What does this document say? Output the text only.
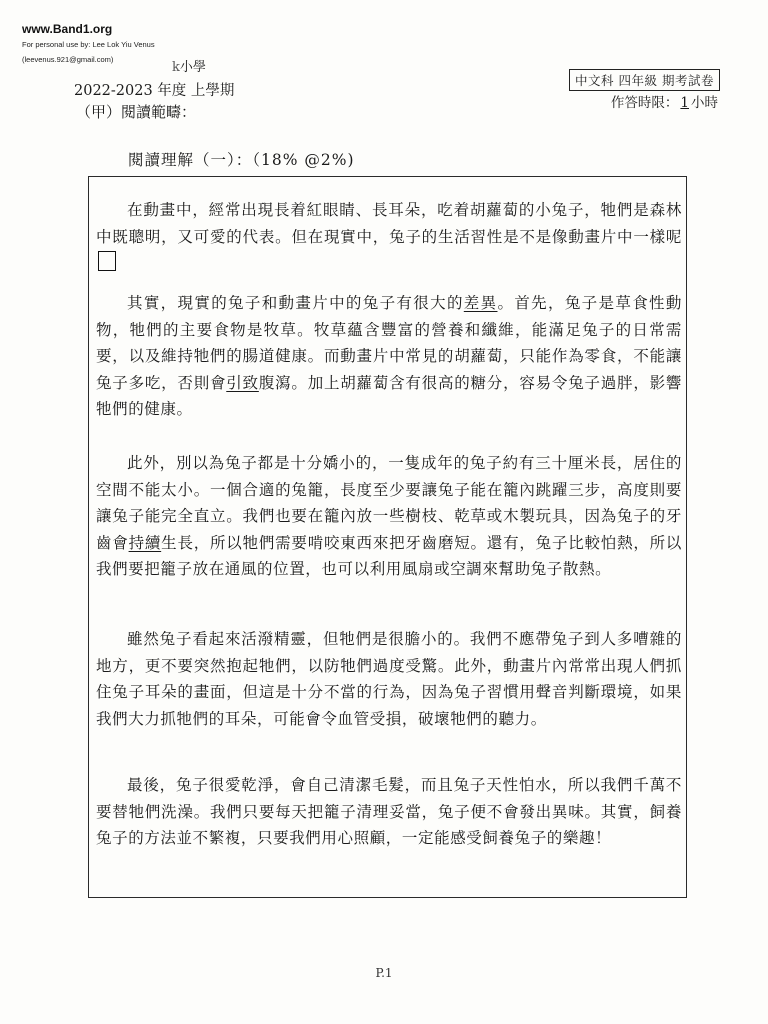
www.Band1.org
For personal use by: Lee Lok Yiu Venus
(leevenus.921@gmail.com)
k小學
2022-2023 年度 上學期
（甲）閱讀範疇：
中文科 四年級 期考試卷
作答時限： 1 小時
閱讀理解（一）：（18% @2%)

在動畫中，經常出現長着紅眼睛、長耳朵，吃着胡蘿蔔的小兔子，牠們是森林中既聰明，又可愛的代表。但在現實中，兔子的生活習性是不是像動畫片中一樣呢

其實，現實的兔子和動畫片中的兔子有很大的差異。首先，兔子是草食性動物，牠們的主要食物是牧草。牧草蘊含豐富的營養和纖維，能滿足兔子的日常需要，以及維持牠們的腸道健康。而動畫片中常見的胡蘿蔔，只能作為零食，不能讓兔子多吃，否則會引致腹瀉。加上胡蘿蔔含有很高的糖分，容易令兔子過胖，影響牠們的健康。

此外，別以為兔子都是十分嬌小的，一隻成年的兔子約有三十厘米長，居住的空間不能太小。一個合適的兔籠，長度至少要讓兔子能在籠內跳躍三步，高度則要讓兔子能完全直立。我們也要在籠內放一些樹枝、乾草或木製玩具，因為兔子的牙齒會持續生長，所以牠們需要啃咬東西來把牙齒磨短。還有，兔子比較怕熱，所以我們要把籠子放在通風的位置，也可以利用風扇或空調來幫助兔子散熱。

雖然兔子看起來活潑精靈，但牠們是很膽小的。我們不應帶兔子到人多嘈雜的地方，更不要突然抱起牠們，以防牠們過度受驚。此外，動畫片內常常出現人們抓住兔子耳朵的畫面，但這是十分不當的行為，因為兔子習慣用聲音判斷環境，如果我們大力抓牠們的耳朵，可能會令血管受損，破壞牠們的聽力。

最後，兔子很愛乾淨，會自己清潔毛髮，而且兔子天性怕水，所以我們千萬不要替牠們洗澡。我們只要每天把籠子清理妥當，兔子便不會發出異味。其實，飼養兔子的方法並不繁複，只要我們用心照顧，一定能感受飼養兔子的樂趣！

P.1
